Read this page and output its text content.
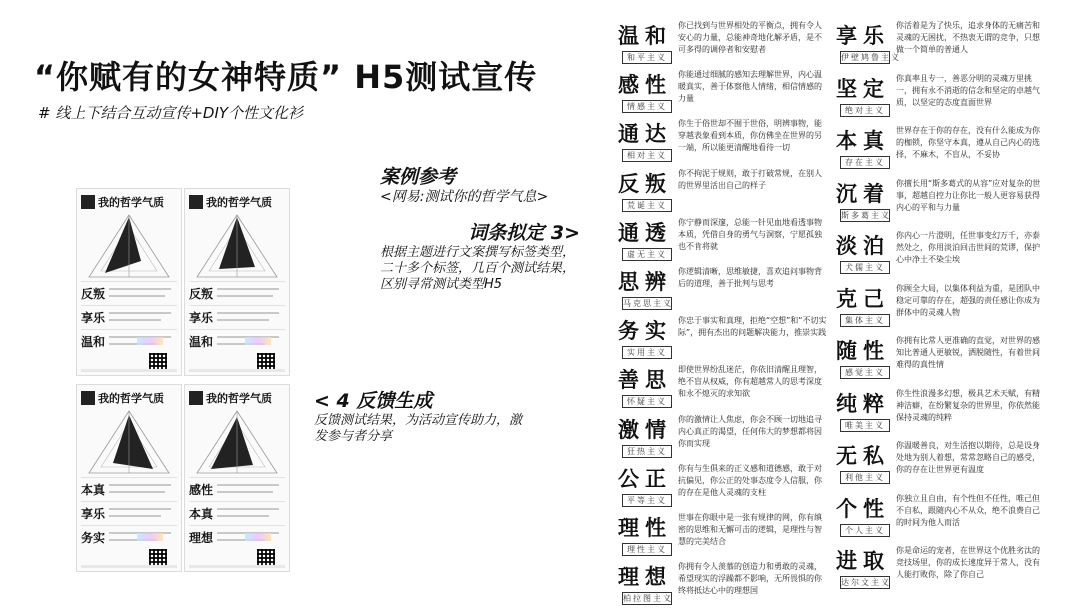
“你赋有的女神特质” H5测试宣传
# 线上下结合互动宣传+DIY个性文化衫
我的哲学气质
反叛
享乐
温和
我的哲学气质
反叛
享乐
温和
我的哲学气质
本真
享乐
务实
我的哲学气质
感性
本真
理想
案例参考
<网易:测试你的哲学气息>
词条拟定 3>
根据主题进行文案撰写标签类型，二十多个标签，几百个测试结果，区别寻常测试类型H5
< 4 反馈生成
反馈测试结果，为活动宣传助力，激发参与者分享
温和
和平主义
你已找到与世界相处的平衡点，拥有令人安心的力量，总能神奇地化解矛盾，是不可多得的调停者和安慰者
感性
情感主义
你能通过细腻的感知去理解世界，内心温暖真实，善于体察他人情绪，相信情感的力量
通达
相对主义
你生于俗世却不囿于世俗，明辨事物，能穿越表象看到本质，你仿佛坐在世界的另一端，所以能更清醒地看待一切
反叛
荒诞主义
你不拘泥于规则，敢于打破常规，在别人的世界里活出自己的样子
通透
虚无主义
你宁静而深邃，总能一针见血地看透事物本质，凭借自身的勇气与洞察，宁愿孤独也不肯将就
思辨
马克思主义
你逻辑清晰，思维敏捷，喜欢追问事物背后的道理，善于批判与思考
务实
实用主义
你忠于事实和真理，拒绝“空想”和“不切实际”，拥有杰出的问题解决能力，推崇实践
善思
怀疑主义
即使世界纷乱迷茫，你依旧清醒且理智，绝不盲从权威，你有超越常人的思考深度和永不熄灭的求知欲
激情
狂热主义
你的激情让人焦虑，你会不顾一切地追寻内心真正的渴望，任何伟大的梦想都将因你而实现
公正
平等主义
你有与生俱来的正义感和道德感，敢于对抗偏见，你公正的处事态度令人信服，你的存在是他人灵魂的支柱
理性
理性主义
世事在你眼中是一张有规律的网，你有缜密的思维和无懈可击的逻辑，是理性与智慧的完美结合
理想
柏拉图主义
你拥有令人羡慕的创造力和勇敢的灵魂，希望现实的浮躁都不影响，无所畏惧的你终将抵达心中的理想国
享乐
伊壁鸠鲁主义
你活着是为了快乐，追求身体的无痛苦和灵魂的无困扰，不热衷无谓的竞争，只想做一个简单的普通人
坚定
绝对主义
你真率且专一，善恶分明的灵魂万里挑一，拥有永不消逝的信念和坚定的卓越气质，以坚定的态度直面世界
本真
存在主义
世界存在于你的存在，没有什么能成为你的枷锁，你坚守本真，遵从自己内心的选择，不麻木，不盲从，不妥协
沉着
斯多葛主义
你擅长用“斯多葛式的从容”应对复杂的世事，超越自控力让你比一般人更容易获得内心的平和与力量
淡泊
犬儒主义
你内心一片澄明，任世事变幻万千，亦泰然处之，你用淡泊回击世间的荒谬，保护心中净土不染尘埃
克己
集体主义
你顾全大局，以集体利益为重，是团队中稳定可靠的存在，超强的责任感让你成为群体中的灵魂人物
随性
感觉主义
你拥有比常人更准确的直觉，对世界的感知比普通人更敏锐，洒脱随性，有着世间难得的真性情
纯粹
唯美主义
你生性浪漫多幻想，极具艺术天赋，有精神洁癖，在纷繁复杂的世界里，你依然能保持灵魂的纯粹
无私
利他主义
你温暖善良，对生活抱以期待，总是设身处地为别人着想，常常忽略自己的感受，你的存在让世界更有温度
个性
个人主义
你独立且自由，有个性但不任性，唯己但不自私，跟随内心不从众，绝不浪费自己的时间为他人而活
进取
达尔文主义
你是命运的宠者，在世界这个优胜劣汰的竞技场里，你的成长速度异于常人，没有人能打败你，除了你自己
